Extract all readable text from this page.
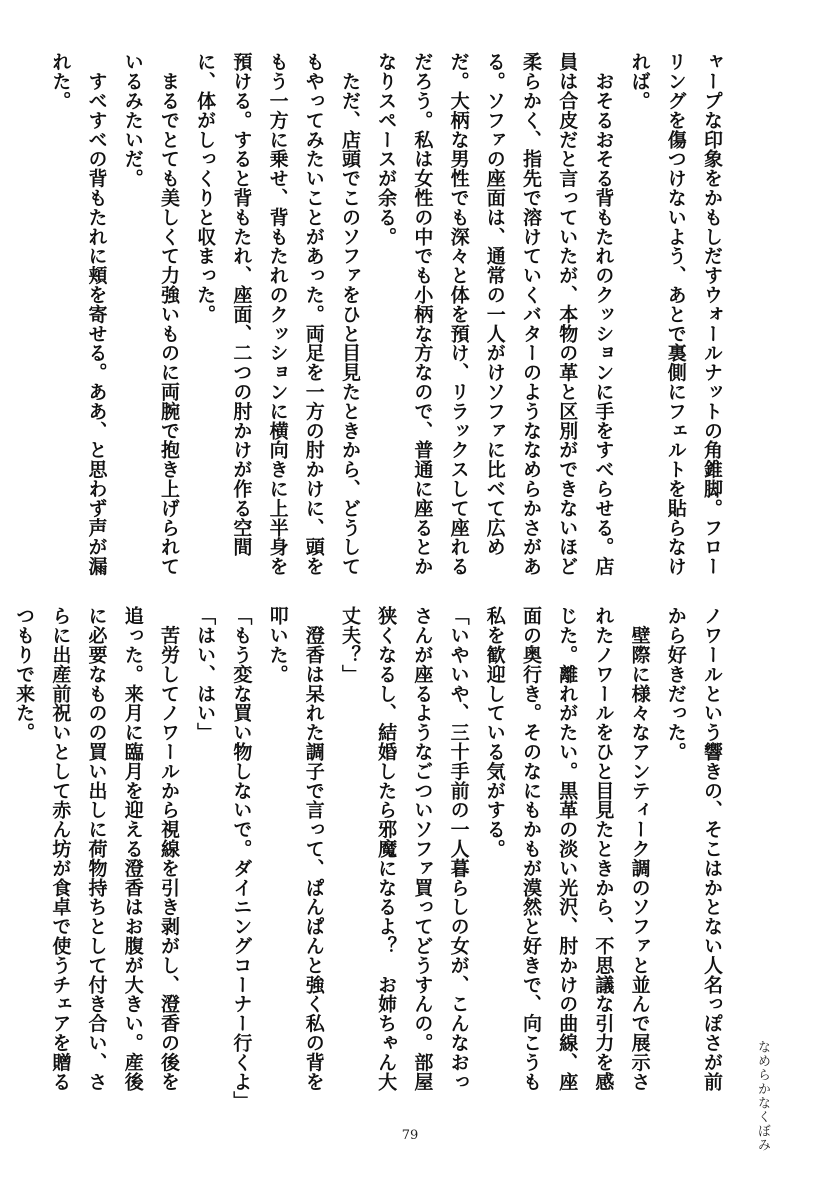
ャープな印象をかもしだすウォールナットの角錐脚。フローリングを傷つけないよう、あとで裏側にフェルトを貼らなければ。

　おそるおそる背もたれのクッションに手をすべらせる。店員は合皮だと言っていたが、本物の革と区別ができないほど柔らかく、指先で溶けていくバターのようななめらかさがある。ソファの座面は、通常の一人がけソファに比べて広めだ。大柄な男性でも深々と体を預け、リラックスして座れるだろう。私は女性の中でも小柄な方なので、普通に座るとかなりスペースが余る。

　ただ、店頭でこのソファをひと目見たときから、どうしてもやってみたいことがあった。両足を一方の肘かけに、頭をもう一方に乗せ、背もたれのクッションに横向きに上半身を預ける。すると背もたれ、座面、二つの肘かけが作る空間に、体がしっくりと収まった。

　まるでとても美しくて力強いものに両腕で抱き上げられているみたいだ。

　すべすべの背もたれに頬を寄せる。ああ、と思わず声が漏れた。

ノワールという響きの、そこはかとない人名っぽさが前から好きだった。

　壁際に様々なアンティーク調のソファと並んで展示されたノワールをひと目見たときから、不思議な引力を感じた。離れがたい。黒革の淡い光沢、肘かけの曲線、座面の奥行き。そのなにもかもが漠然と好きで、向こうも私を歓迎している気がする。

「いやいや、三十手前の一人暮らしの女が、こんなおっさんが座るようなごついソファ買ってどうすんの。部屋狭くなるし、結婚したら邪魔になるよ？　お姉ちゃん大丈夫？」

　澄香は呆れた調子で言って、ぱんぱんと強く私の背を叩いた。

「もう変な買い物しないで。ダイニングコーナー行くよ」

「はい、はい」

　苦労してノワールから視線を引き剥がし、澄香の後を追った。来月に臨月を迎える澄香はお腹が大きい。産後に必要なものの買い出しに荷物持ちとして付き合い、さらに出産前祝いとして赤ん坊が食卓で使うチェアを贈るつもりで来た。

なめらかなくぼみ
79
